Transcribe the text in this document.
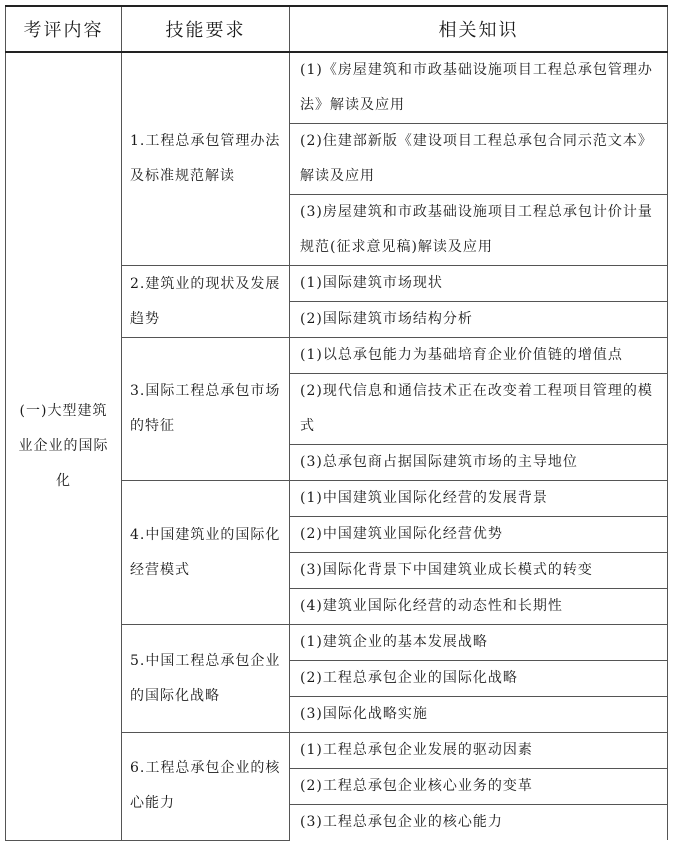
考评内容	技能要求	相关知识
(一)大型建筑业企业的国际化	1.工程总承包管理办法及标准规范解读	(1)《房屋建筑和市政基础设施项目工程总承包管理办法》解读及应用
		(2)住建部新版《建设项目工程总承包合同示范文本》解读及应用
		(3)房屋建筑和市政基础设施项目工程总承包计价计量规范(征求意见稿)解读及应用
	2.建筑业的现状及发展趋势	(1)国际建筑市场现状
		(2)国际建筑市场结构分析
	3.国际工程总承包市场的特征	(1)以总承包能力为基础培育企业价值链的增值点
		(2)现代信息和通信技术正在改变着工程项目管理的模式
		(3)总承包商占据国际建筑市场的主导地位
	4.中国建筑业的国际化经营模式	(1)中国建筑业国际化经营的发展背景
		(2)中国建筑业国际化经营优势
		(3)国际化背景下中国建筑业成长模式的转变
		(4)建筑业国际化经营的动态性和长期性
	5.中国工程总承包企业的国际化战略	(1)建筑企业的基本发展战略
		(2)工程总承包企业的国际化战略
		(3)国际化战略实施
	6.工程总承包企业的核心能力	(1)工程总承包企业发展的驱动因素
		(2)工程总承包企业核心业务的变革
		(3)工程总承包企业的核心能力
